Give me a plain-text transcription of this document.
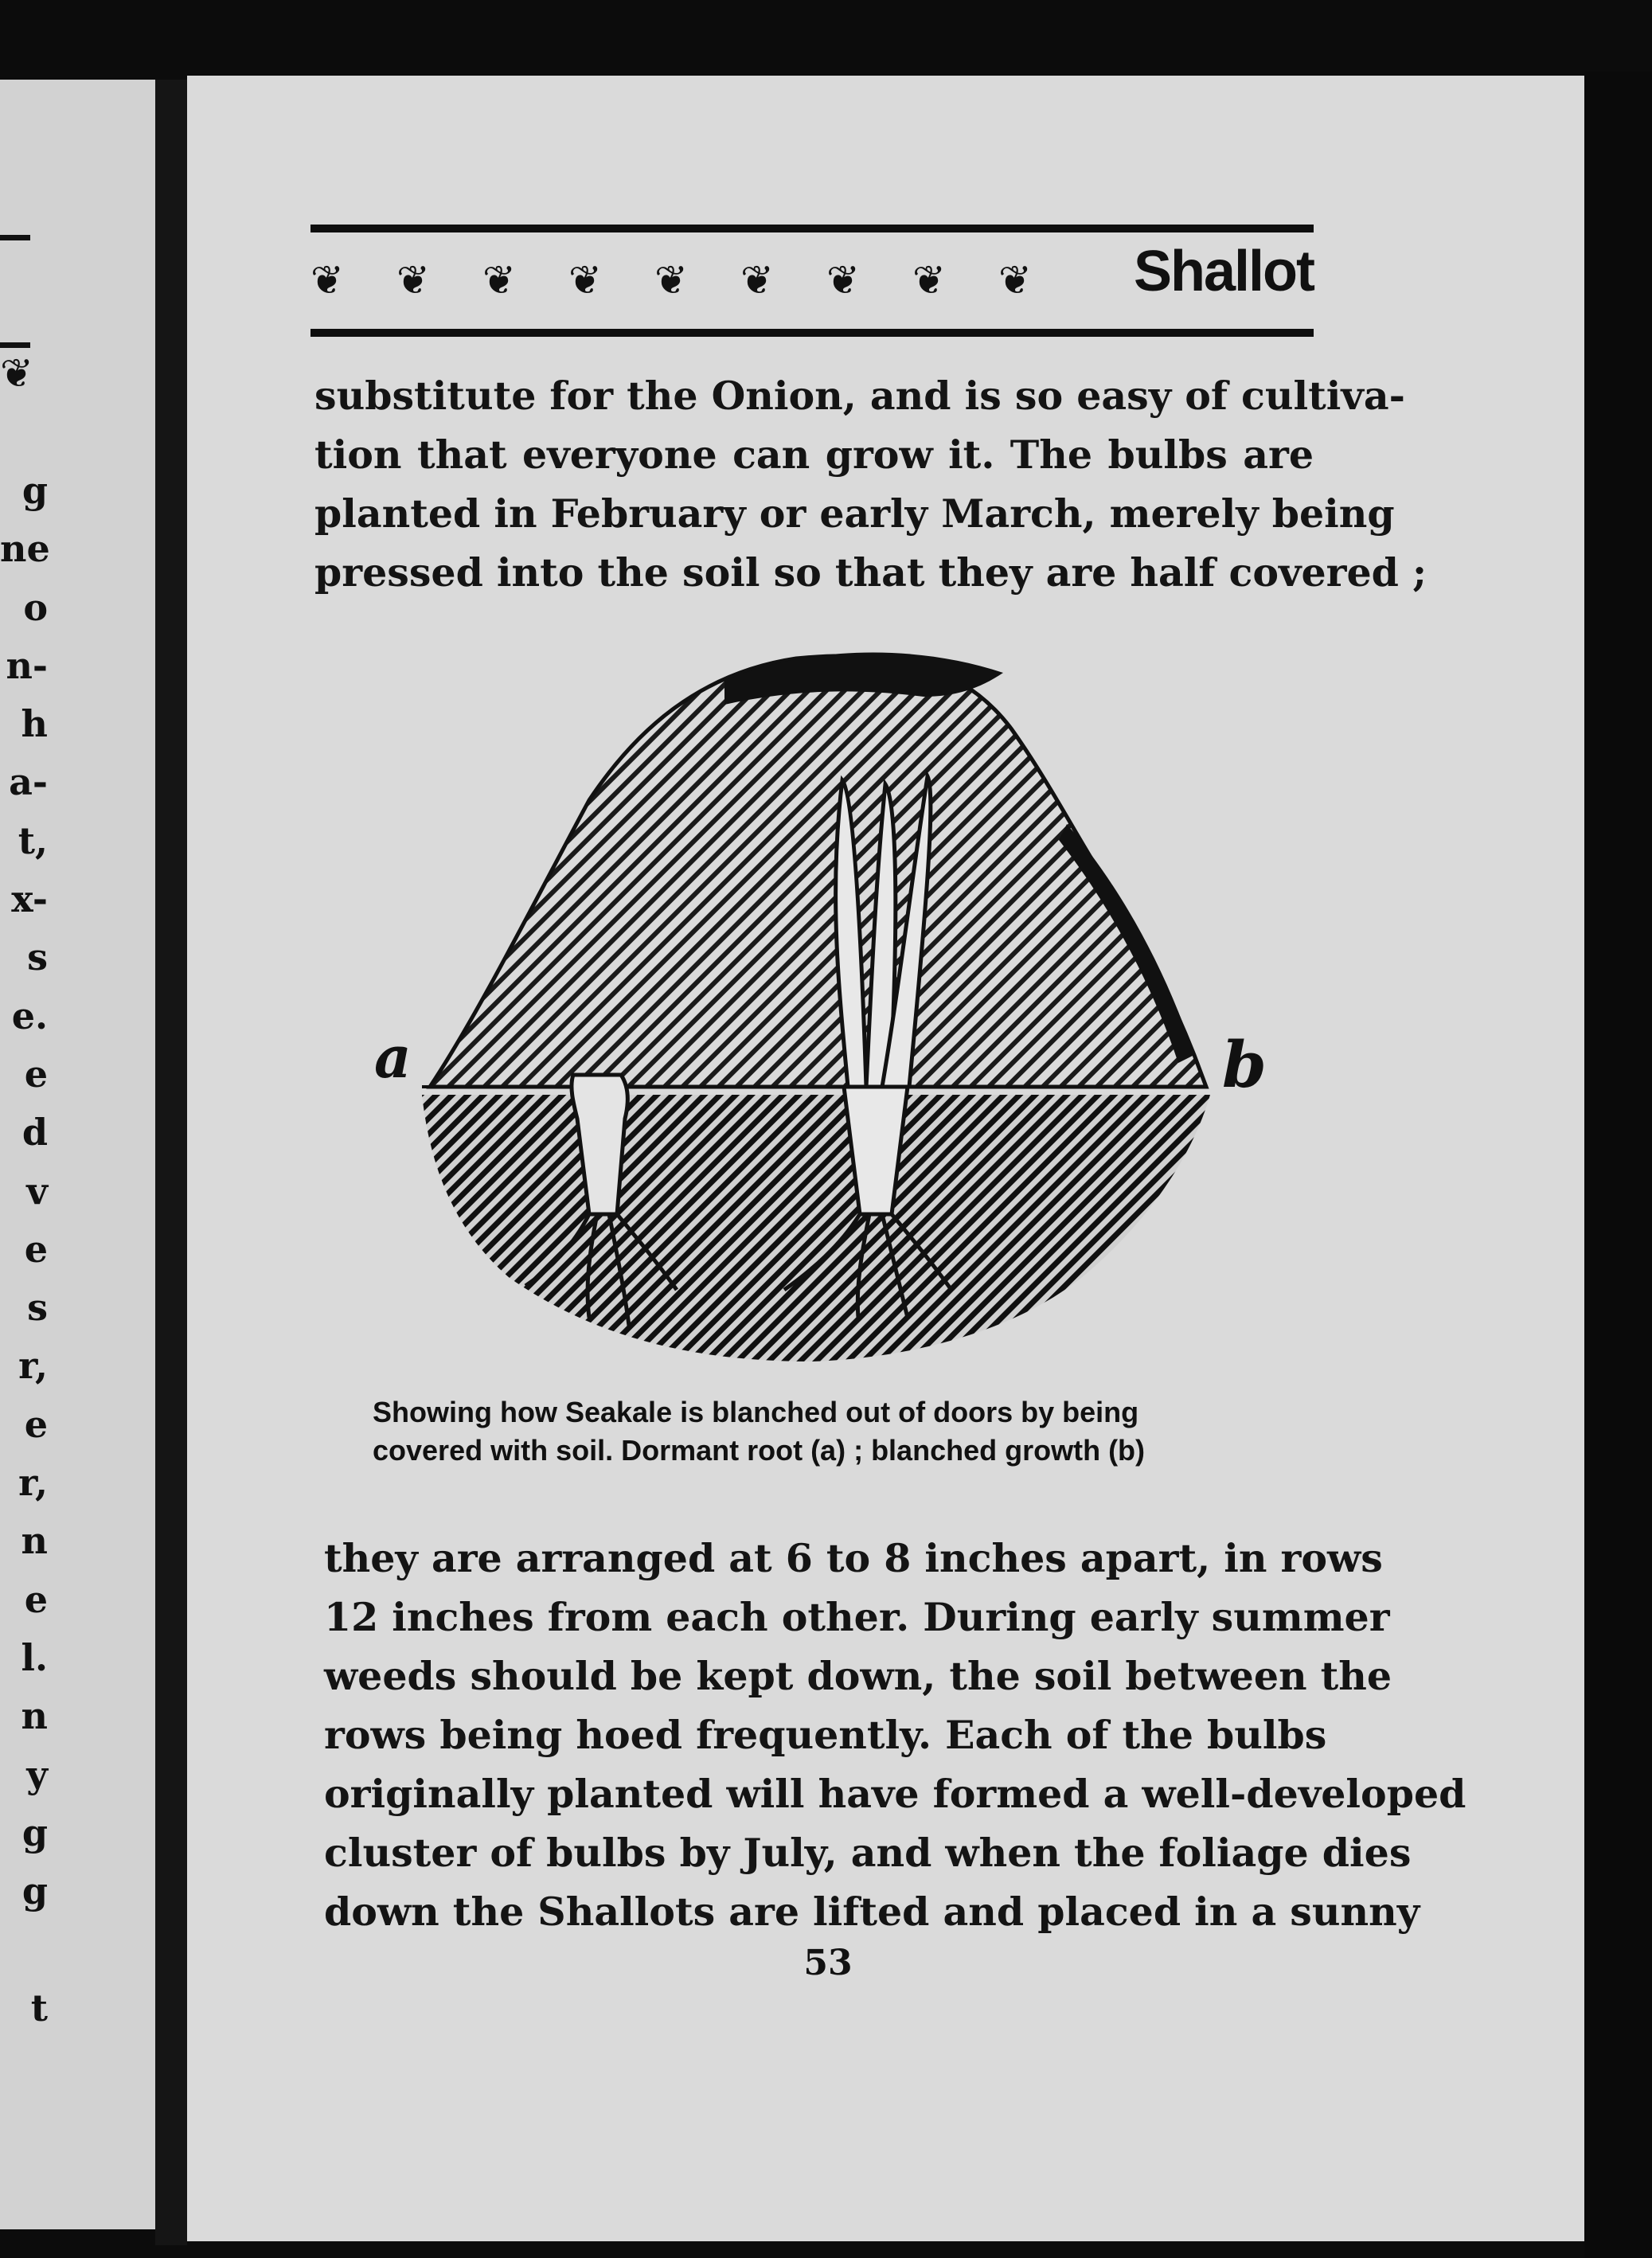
❦
g
ne
o
n-
h
a-
t,
x-
s
e.
e
d
v
e
s
r,
e
r,
n
e
l.
n
y
g
g
t
❦ ❦ ❦ ❦ ❦ ❦ ❦ ❦ ❦	Shallot

substitute for the Onion, and is so easy of cultiva-
tion that everyone can grow it. The bulbs are
planted in February or early March, merely being
pressed into the soil so that they are half covered ;

a	b

Showing how Seakale is blanched out of doors by being
covered with soil. Dormant root (a) ; blanched growth (b)

they are arranged at 6 to 8 inches apart, in rows
12 inches from each other. During early summer
weeds should be kept down, the soil between the
rows being hoed frequently. Each of the bulbs
originally planted will have formed a well-developed
cluster of bulbs by July, and when the foliage dies
down the Shallots are lifted and placed in a sunny

53
